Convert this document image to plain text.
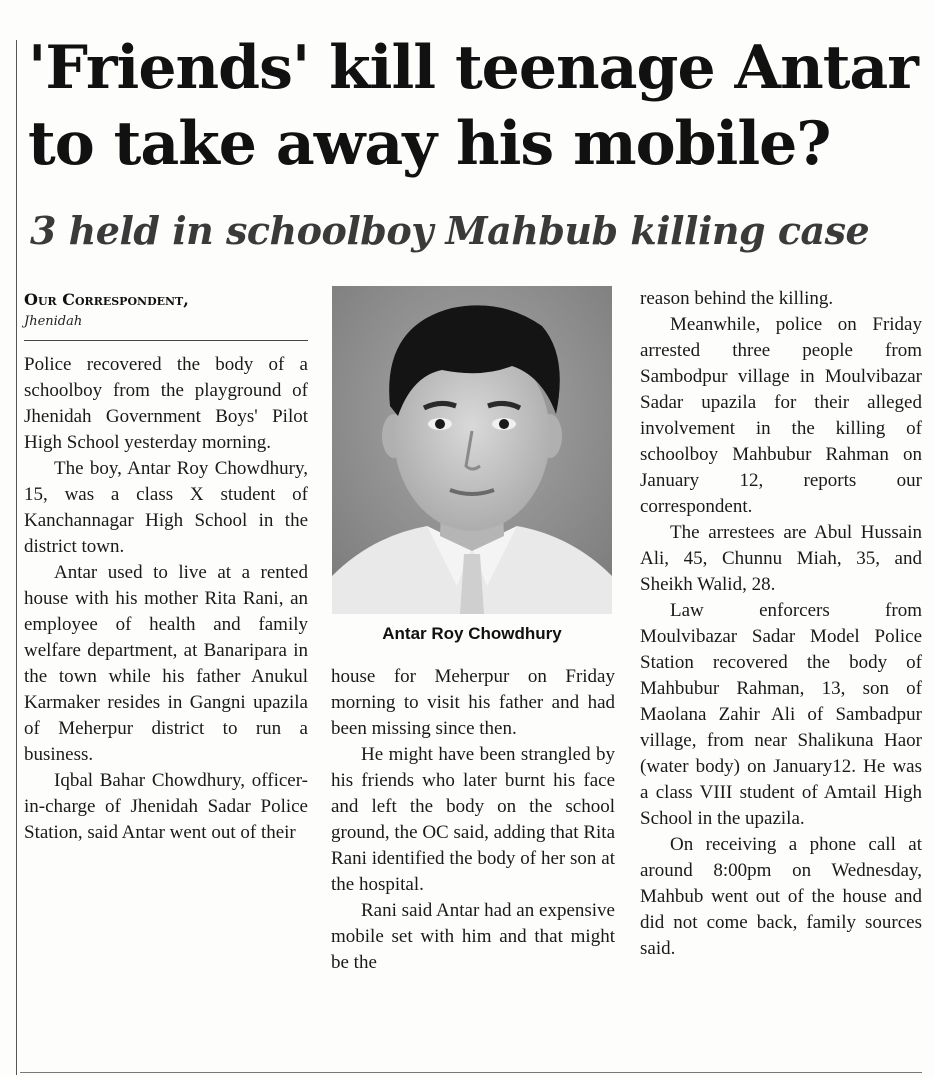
'Friends' kill teenage Antar to take away his mobile?
3 held in schoolboy Mahbub killing case
Our Correspondent,
Jhenidah

Police recovered the body of a schoolboy from the playground of Jhenidah Government Boys' Pilot High School yesterday morning.

The boy, Antar Roy Chowdhury, 15, was a class X student of Kanchannagar High School in the district town.

Antar used to live at a rented house with his mother Rita Rani, an employee of health and family welfare department, at Banaripara in the town while his father Anukul Karmaker resides in Gangni upazila of Meherpur district to run a business.

Iqbal Bahar Chowdhury, officer-in-charge of Jhenidah Sadar Police Station, said Antar went out of their

Antar Roy Chowdhury

house for Meherpur on Friday morning to visit his father and had been missing since then.

He might have been strangled by his friends who later burnt his face and left the body on the school ground, the OC said, adding that Rita Rani identified the body of her son at the hospital.

Rani said Antar had an expensive mobile set with him and that might be the

reason behind the killing.

Meanwhile, police on Friday arrested three people from Sambodpur village in Moulvibazar Sadar upazila for their alleged involvement in the killing of schoolboy Mahbubur Rahman on January 12, reports our correspondent.

The arrestees are Abul Hussain Ali, 45, Chunnu Miah, 35, and Sheikh Walid, 28.

Law enforcers from Moulvibazar Sadar Model Police Station recovered the body of Mahbubur Rahman, 13, son of Maolana Zahir Ali of Sambadpur village, from near Shalikuna Haor (water body) on January12. He was a class VIII student of Amtail High School in the upazila.

On receiving a phone call at around 8:00pm on Wednesday, Mahbub went out of the house and did not come back, family sources said.
